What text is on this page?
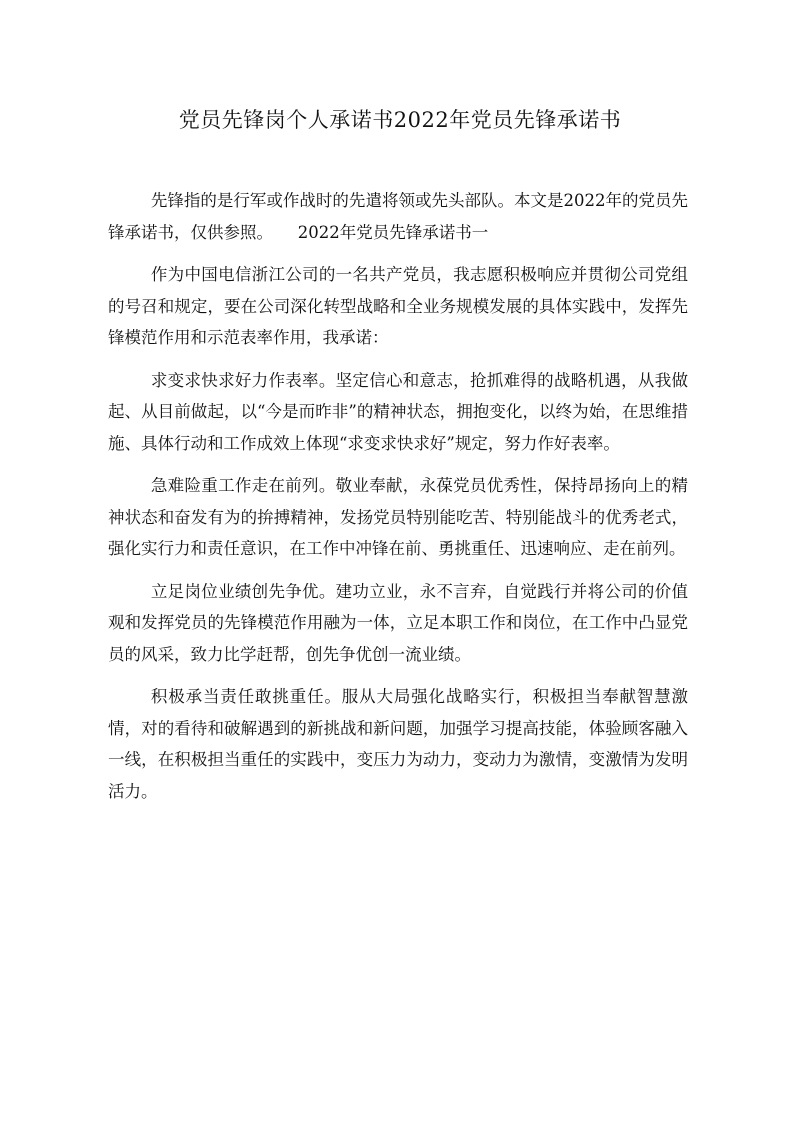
党员先锋岗个人承诺书2022年党员先锋承诺书

先锋指的是行军或作战时的先遣将领或先头部队。本文是2022年的党员先锋承诺书，仅供参照。　　2022年党员先锋承诺书一

作为中国电信浙江公司的一名共产党员，我志愿积极响应并贯彻公司党组的号召和规定，要在公司深化转型战略和全业务规模发展的具体实践中，发挥先锋模范作用和示范表率作用，我承诺：

求变求快求好力作表率。坚定信心和意志，抢抓难得的战略机遇，从我做起、从目前做起，以“今是而昨非”的精神状态，拥抱变化，以终为始，在思维措施、具体行动和工作成效上体现“求变求快求好”规定，努力作好表率。

急难险重工作走在前列。敬业奉献，永葆党员优秀性，保持昂扬向上的精神状态和奋发有为的拚搏精神，发扬党员特别能吃苦、特别能战斗的优秀老式，强化实行力和责任意识，在工作中冲锋在前、勇挑重任、迅速响应、走在前列。

立足岗位业绩创先争优。建功立业，永不言弃，自觉践行并将公司的价值观和发挥党员的先锋模范作用融为一体，立足本职工作和岗位，在工作中凸显党员的风采，致力比学赶帮，创先争优创一流业绩。

积极承当责任敢挑重任。服从大局强化战略实行，积极担当奉献智慧激情，对的看待和破解遇到的新挑战和新问题，加强学习提高技能，体验顾客融入一线，在积极担当重任的实践中，变压力为动力，变动力为激情，变激情为发明活力。
